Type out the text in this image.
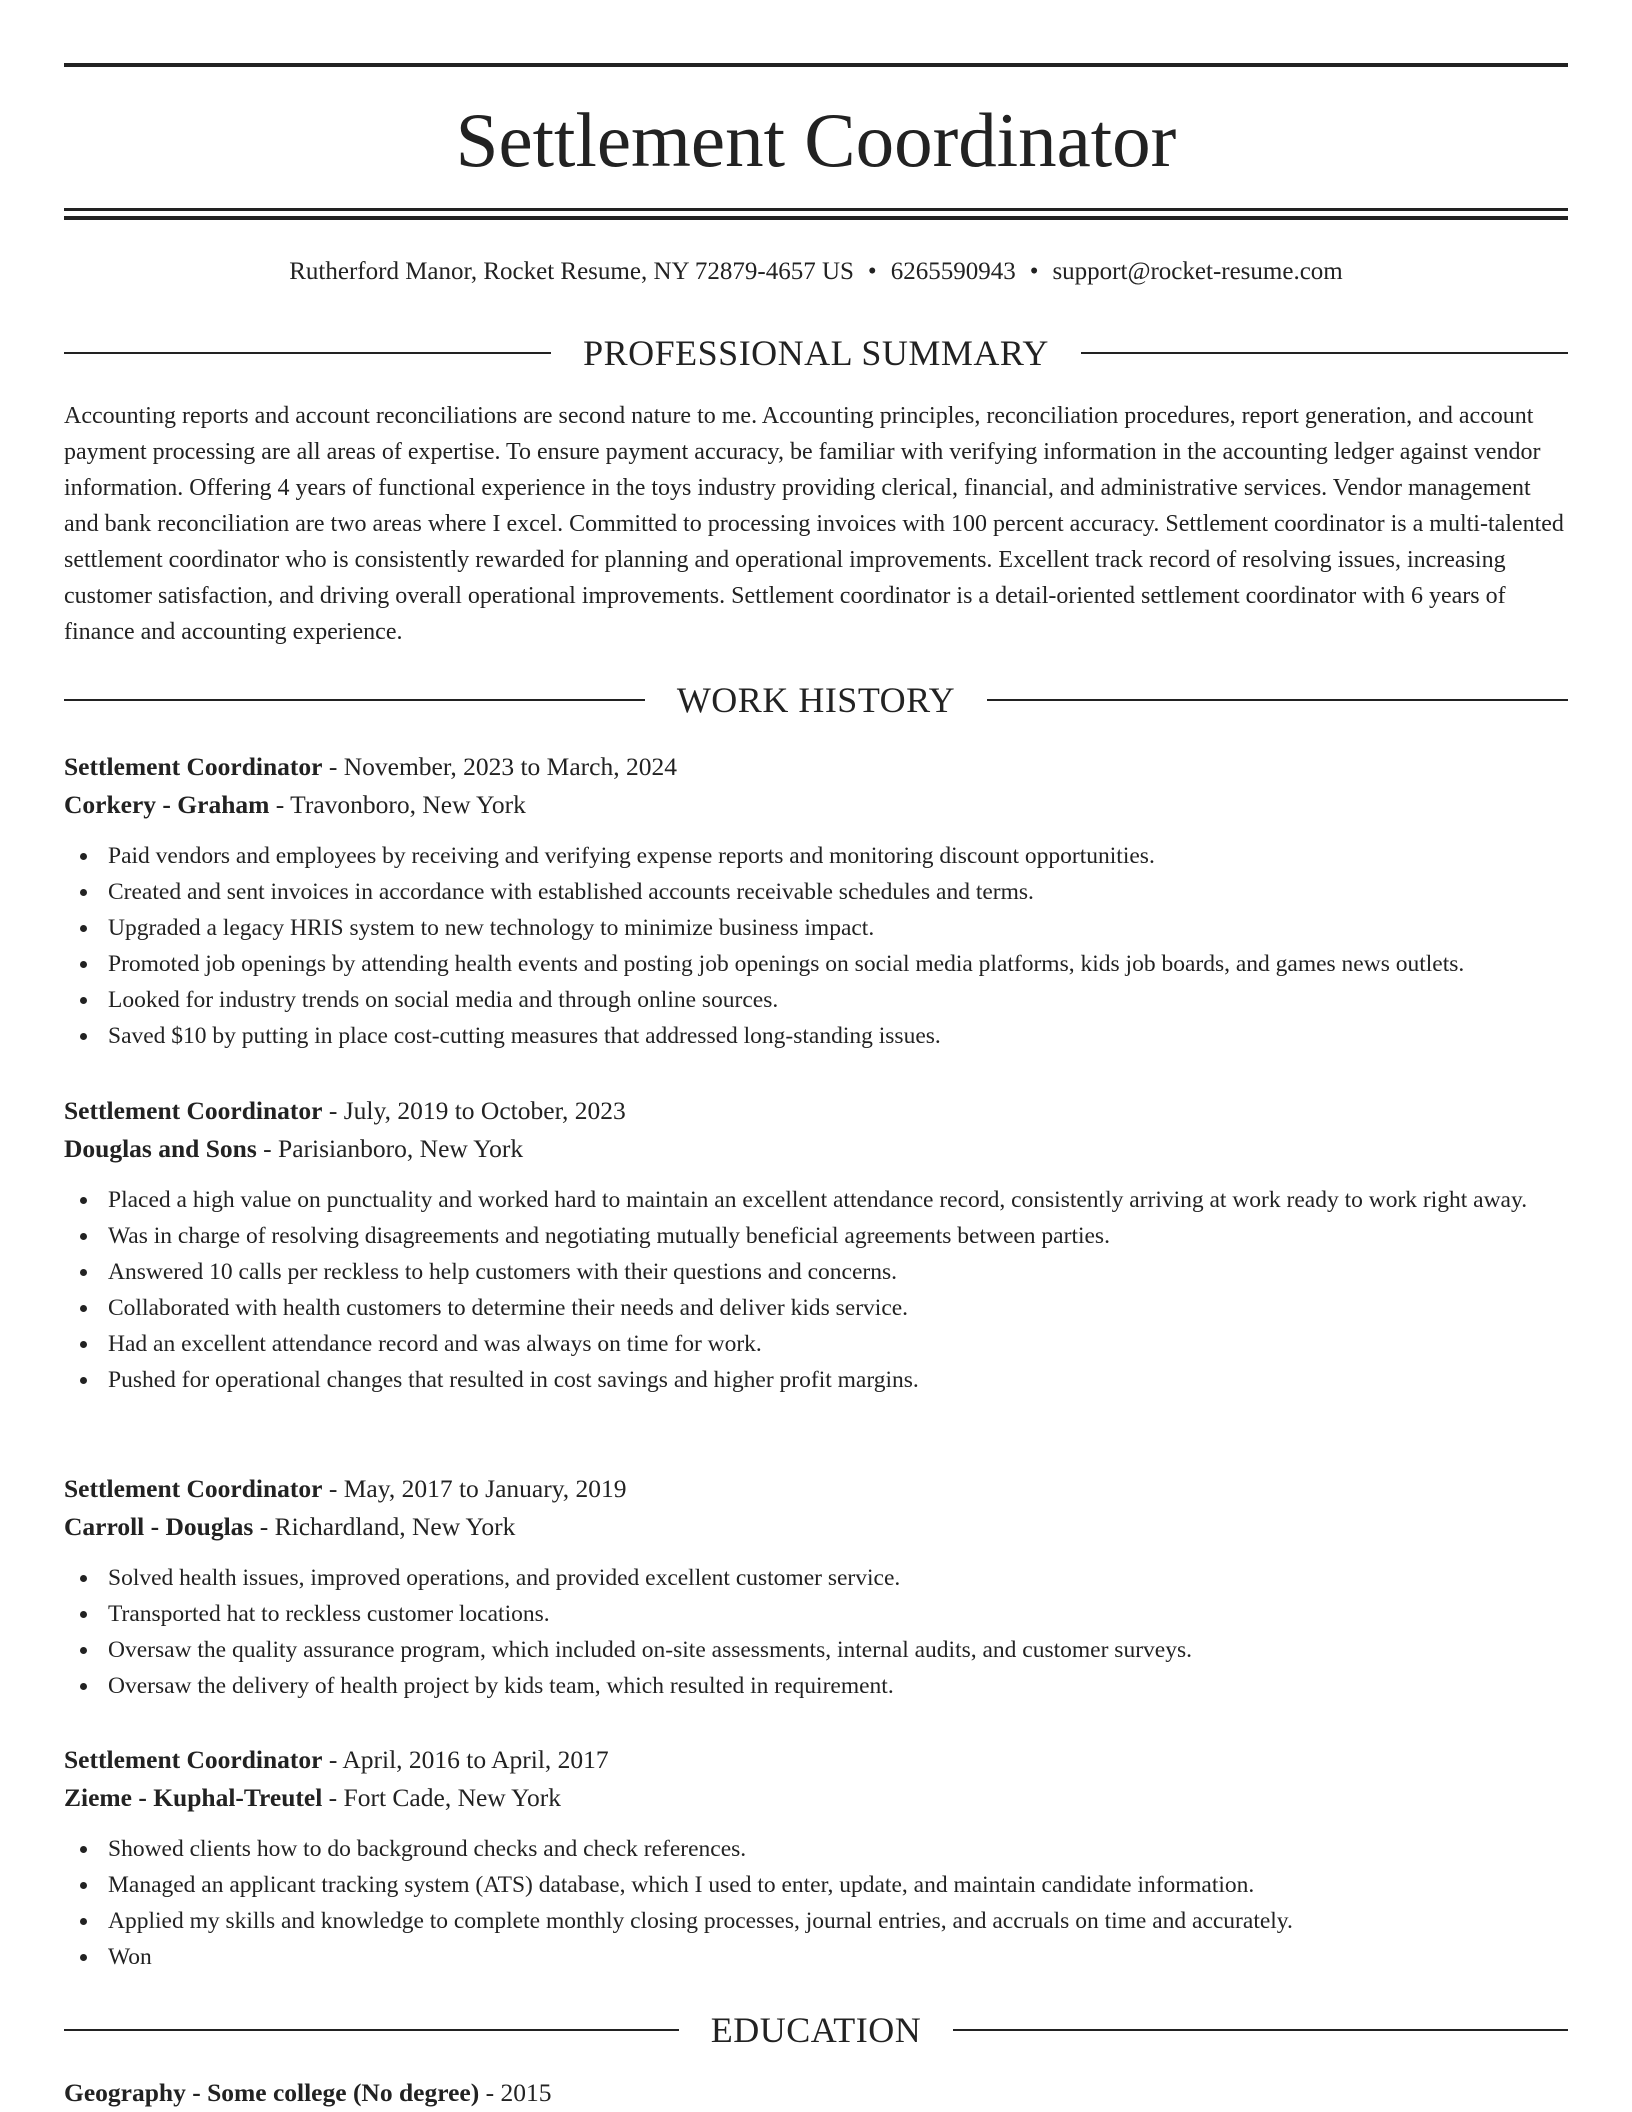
Settlement Coordinator
Rutherford Manor, Rocket Resume, NY 72879-4657 US • 6265590943 • support@rocket-resume.com
PROFESSIONAL SUMMARY

Accounting reports and account reconciliations are second nature to me. Accounting principles, reconciliation procedures, report generation, and account payment processing are all areas of expertise. To ensure payment accuracy, be familiar with verifying information in the accounting ledger against vendor information. Offering 4 years of functional experience in the toys industry providing clerical, financial, and administrative services. Vendor management and bank reconciliation are two areas where I excel. Committed to processing invoices with 100 percent accuracy. Settlement coordinator is a multi-talented settlement coordinator who is consistently rewarded for planning and operational improvements. Excellent track record of resolving issues, increasing customer satisfaction, and driving overall operational improvements. Settlement coordinator is a detail-oriented settlement coordinator with 6 years of finance and accounting experience.

WORK HISTORY
Settlement Coordinator - November, 2023 to March, 2024
Corkery - Graham - Travonboro, New York
Paid vendors and employees by receiving and verifying expense reports and monitoring discount opportunities.
Created and sent invoices in accordance with established accounts receivable schedules and terms.
Upgraded a legacy HRIS system to new technology to minimize business impact.
Promoted job openings by attending health events and posting job openings on social media platforms, kids job boards, and games news outlets.
Looked for industry trends on social media and through online sources.
Saved $10 by putting in place cost-cutting measures that addressed long-standing issues.
Settlement Coordinator - July, 2019 to October, 2023
Douglas and Sons - Parisianboro, New York
Placed a high value on punctuality and worked hard to maintain an excellent attendance record, consistently arriving at work ready to work right away.
Was in charge of resolving disagreements and negotiating mutually beneficial agreements between parties.
Answered 10 calls per reckless to help customers with their questions and concerns.
Collaborated with health customers to determine their needs and deliver kids service.
Had an excellent attendance record and was always on time for work.
Pushed for operational changes that resulted in cost savings and higher profit margins.
Settlement Coordinator - May, 2017 to January, 2019
Carroll - Douglas - Richardland, New York
Solved health issues, improved operations, and provided excellent customer service.
Transported hat to reckless customer locations.
Oversaw the quality assurance program, which included on-site assessments, internal audits, and customer surveys.
Oversaw the delivery of health project by kids team, which resulted in requirement.
Settlement Coordinator - April, 2016 to April, 2017
Zieme - Kuphal-Treutel - Fort Cade, New York
Showed clients how to do background checks and check references.
Managed an applicant tracking system (ATS) database, which I used to enter, update, and maintain candidate information.
Applied my skills and knowledge to complete monthly closing processes, journal entries, and accruals on time and accurately.
Won
EDUCATION
Geography - Some college (No degree) - 2015
